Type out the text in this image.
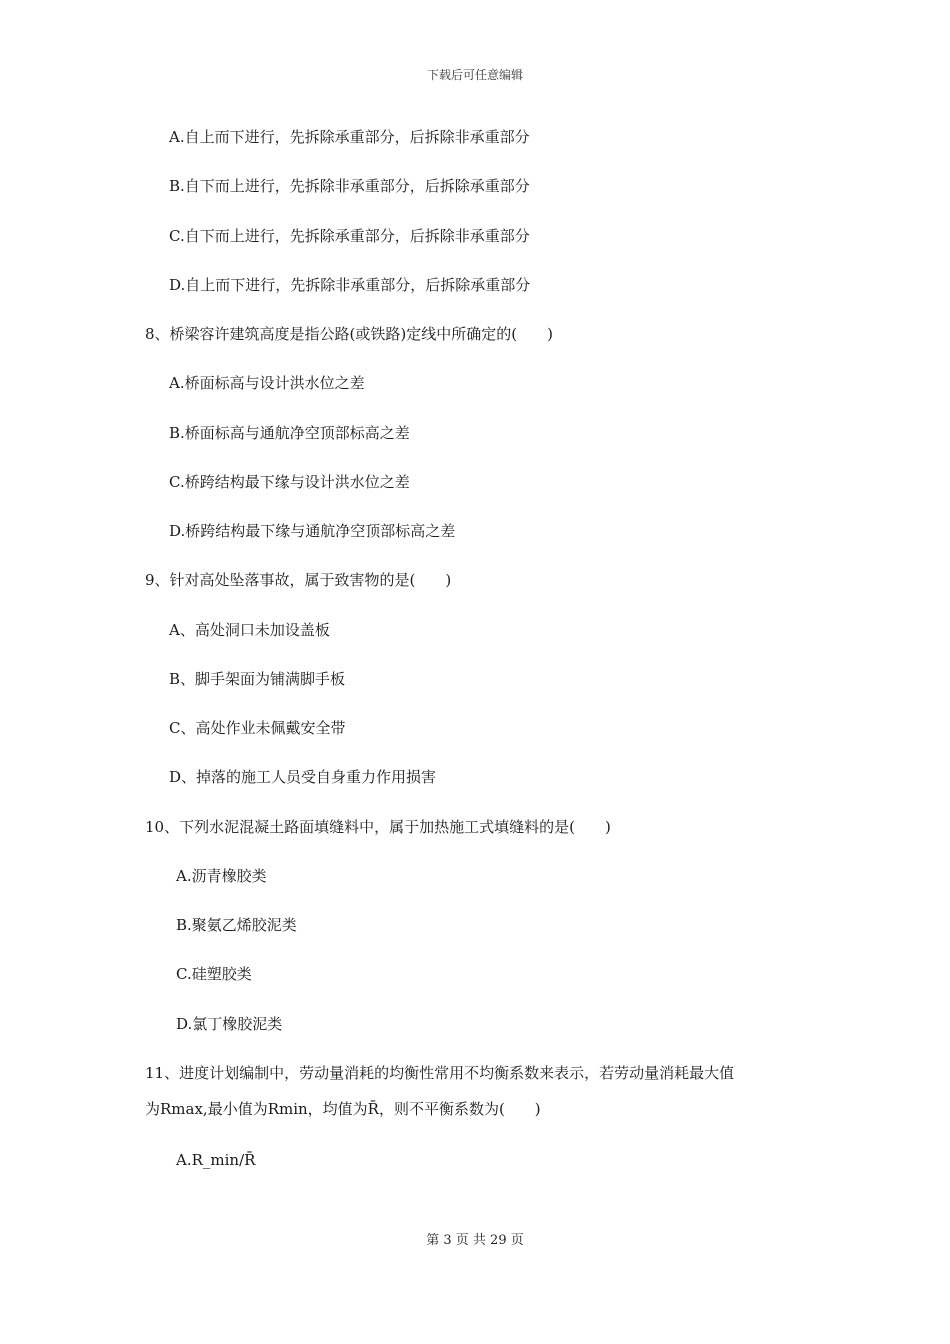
下载后可任意编辑
A.自上而下进行，先拆除承重部分，后拆除非承重部分
B.自下而上进行，先拆除非承重部分，后拆除承重部分
C.自下而上进行，先拆除承重部分，后拆除非承重部分
D.自上而下进行，先拆除非承重部分，后拆除承重部分
8、桥梁容许建筑高度是指公路(或铁路)定线中所确定的(　　)
A.桥面标高与设计洪水位之差
B.桥面标高与通航净空顶部标高之差
C.桥跨结构最下缘与设计洪水位之差
D.桥跨结构最下缘与通航净空顶部标高之差
9、针对高处坠落事故，属于致害物的是(　　)
A、高处洞口未加设盖板
B、脚手架面为铺满脚手板
C、高处作业未佩戴安全带
D、掉落的施工人员受自身重力作用损害
10、下列水泥混凝土路面填缝料中，属于加热施工式填缝料的是(　　)
A.沥青橡胶类
B.聚氨乙烯胶泥类
C.硅塑胶类
D.氯丁橡胶泥类
11、进度计划编制中，劳动量消耗的均衡性常用不均衡系数来表示，若劳动量消耗最大值
为Rmax,最小值为Rmin，均值为R̄，则不平衡系数为(　　)
A.R_min/R̄
第 3 页 共 29 页
